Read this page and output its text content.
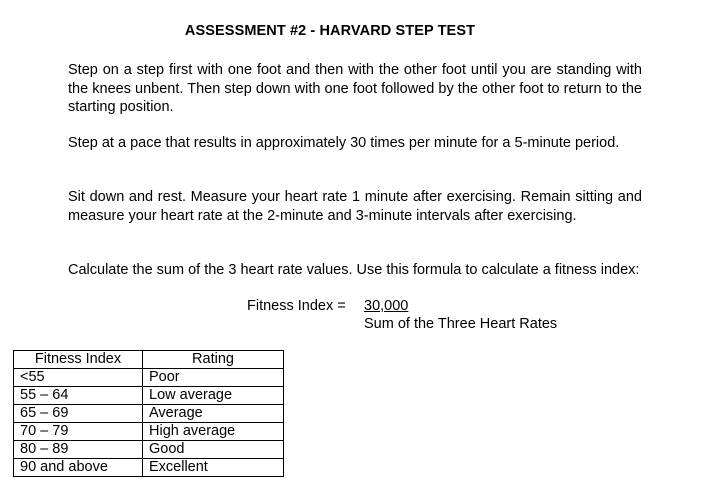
ASSESSMENT #2 - HARVARD STEP TEST

Step on a step first with one foot and then with the other foot until you are standing with the knees unbent. Then step down with one foot followed by the other foot to return to the starting position.

Step at a pace that results in approximately 30 times per minute for a 5-minute period.

Sit down and rest. Measure your heart rate 1 minute after exercising. Remain sitting and measure your heart rate at the 2-minute and 3-minute intervals after exercising.

Calculate the sum of the 3 heart rate values. Use this formula to calculate a fitness index:

Fitness Index = 30,000
Sum of the Three Heart Rates
Fitness Index	Rating
<55	Poor
55 – 64	Low average
65 – 69	Average
70 – 79	High average
80 – 89	Good
90 and above	Excellent
